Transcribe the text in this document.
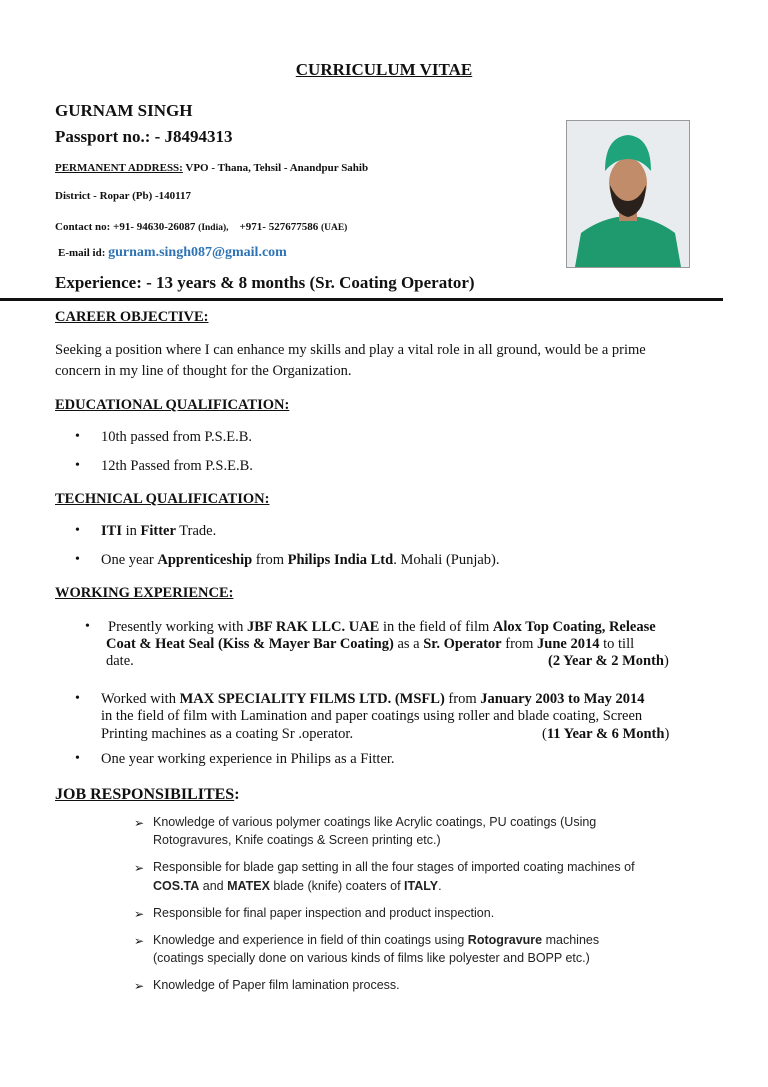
CURRICULUM VITAE
GURNAM SINGH
Passport no.: - J8494313
PERMANENT ADDRESS: VPO - Thana, Tehsil - Anandpur Sahib
District - Ropar (Pb) -140117
Contact no: +91- 94630-26087 (India),    +971- 527677586 (UAE)
E-mail id: gurnam.singh087@gmail.com
Experience: - 13 years & 8 months (Sr. Coating Operator)
CAREER OBJECTIVE:
Seeking a position where I can enhance my skills and play a vital role in all ground, would be a prime
concern in my line of thought for the Organization.
EDUCATIONAL QUALIFICATION:
• 10th passed from P.S.E.B.
• 12th Passed from P.S.E.B.
TECHNICAL QUALIFICATION:
• ITI in Fitter Trade.
• One year Apprenticeship from Philips India Ltd. Mohali (Punjab).
WORKING EXPERIENCE:
• Presently working with JBF RAK LLC. UAE in the field of film Alox Top Coating, Release
Coat & Heat Seal (Kiss & Mayer Bar Coating) as a Sr. Operator from June 2014 to till
date.	(2 Year & 2 Month)
• Worked with MAX SPECIALITY FILMS LTD. (MSFL) from January 2003 to May 2014
in the field of film with Lamination and paper coatings using roller and blade coating, Screen
Printing machines as a coating Sr .operator.	(11 Year & 6 Month)
• One year working experience in Philips as a Fitter.
JOB RESPONSIBILITES:
➢ Knowledge of various polymer coatings like Acrylic coatings, PU coatings (Using
Rotogravures, Knife coatings & Screen printing etc.)
➢ Responsible for blade gap setting in all the four stages of imported coating machines of
COS.TA and MATEX blade (knife) coaters of ITALY.
➢ Responsible for final paper inspection and product inspection.
➢ Knowledge and experience in field of thin coatings using Rotogravure machines
(coatings specially done on various kinds of films like polyester and BOPP etc.)
➢ Knowledge of Paper film lamination process.
